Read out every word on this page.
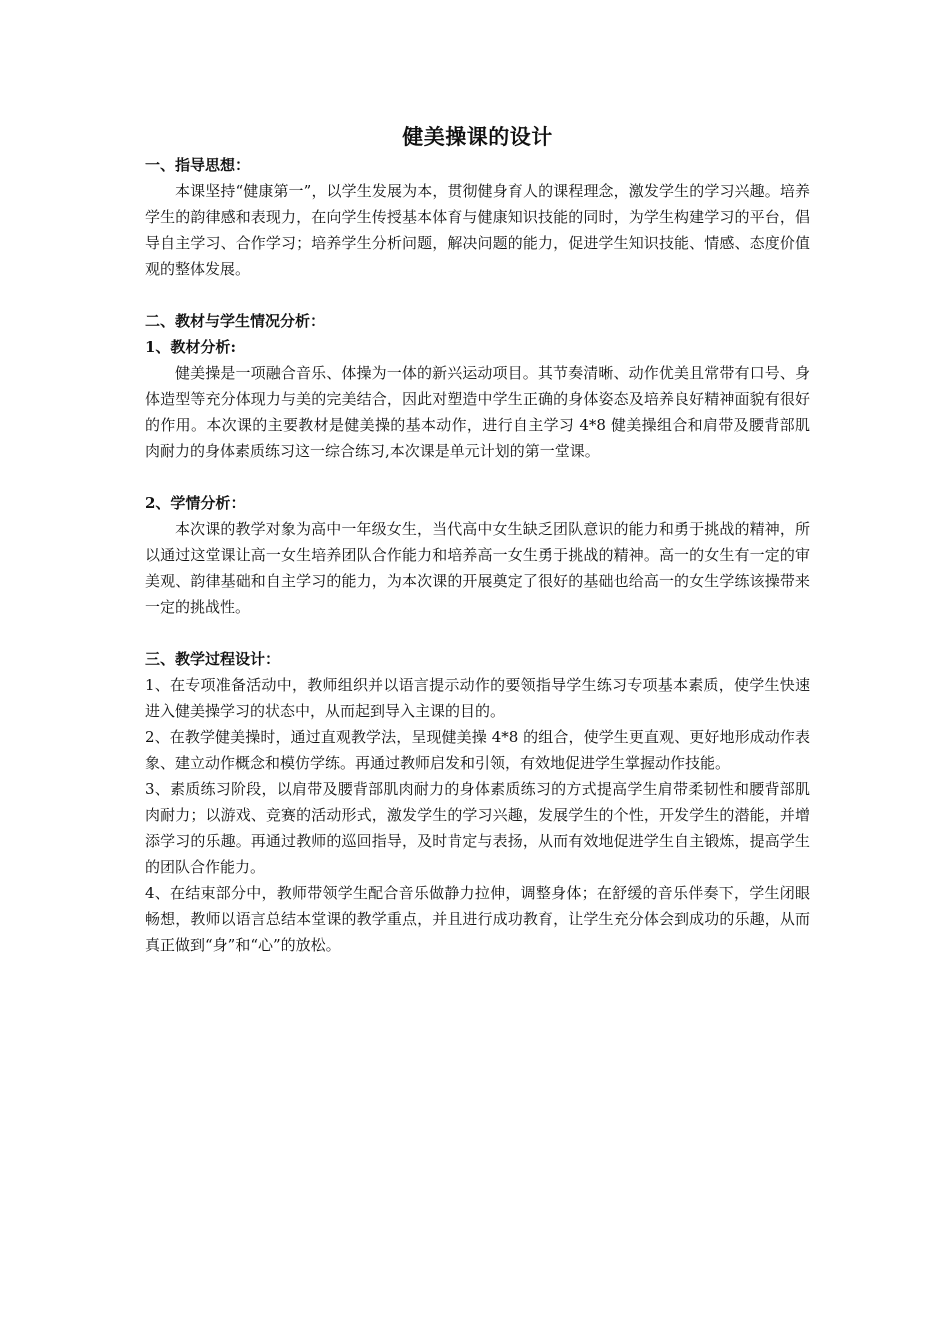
健美操课的设计

一、指导思想：

本课坚持“健康第一”，以学生发展为本，贯彻健身育人的课程理念，激发学生的学习兴趣。培养学生的韵律感和表现力，在向学生传授基本体育与健康知识技能的同时，为学生构建学习的平台，倡导自主学习、合作学习；培养学生分析问题，解决问题的能力，促进学生知识技能、情感、态度价值观的整体发展。

二、教材与学生情况分析：

1、教材分析:

健美操是一项融合音乐、体操为一体的新兴运动项目。其节奏清晰、动作优美且常带有口号、身体造型等充分体现力与美的完美结合，因此对塑造中学生正确的身体姿态及培养良好精神面貌有很好的作用。本次课的主要教材是健美操的基本动作，进行自主学习 4*8 健美操组合和肩带及腰背部肌肉耐力的身体素质练习这一综合练习,本次课是单元计划的第一堂课。

2、学情分析：

本次课的教学对象为高中一年级女生，当代高中女生缺乏团队意识的能力和勇于挑战的精神，所以通过这堂课让高一女生培养团队合作能力和培养高一女生勇于挑战的精神。高一的女生有一定的审美观、韵律基础和自主学习的能力，为本次课的开展奠定了很好的基础也给高一的女生学练该操带来一定的挑战性。

三、教学过程设计：

1、在专项准备活动中，教师组织并以语言提示动作的要领指导学生练习专项基本素质，使学生快速进入健美操学习的状态中，从而起到导入主课的目的。

2、在教学健美操时，通过直观教学法，呈现健美操 4*8 的组合，使学生更直观、更好地形成动作表象、建立动作概念和模仿学练。再通过教师启发和引领，有效地促进学生掌握动作技能。

3、素质练习阶段，以肩带及腰背部肌肉耐力的身体素质练习的方式提高学生肩带柔韧性和腰背部肌肉耐力；以游戏、竞赛的活动形式，激发学生的学习兴趣，发展学生的个性，开发学生的潜能，并增添学习的乐趣。再通过教师的巡回指导，及时肯定与表扬，从而有效地促进学生自主锻炼，提高学生的团队合作能力。

4、在结束部分中，教师带领学生配合音乐做静力拉伸，调整身体；在舒缓的音乐伴奏下，学生闭眼畅想，教师以语言总结本堂课的教学重点，并且进行成功教育，让学生充分体会到成功的乐趣，从而真正做到“身”和“心”的放松。
